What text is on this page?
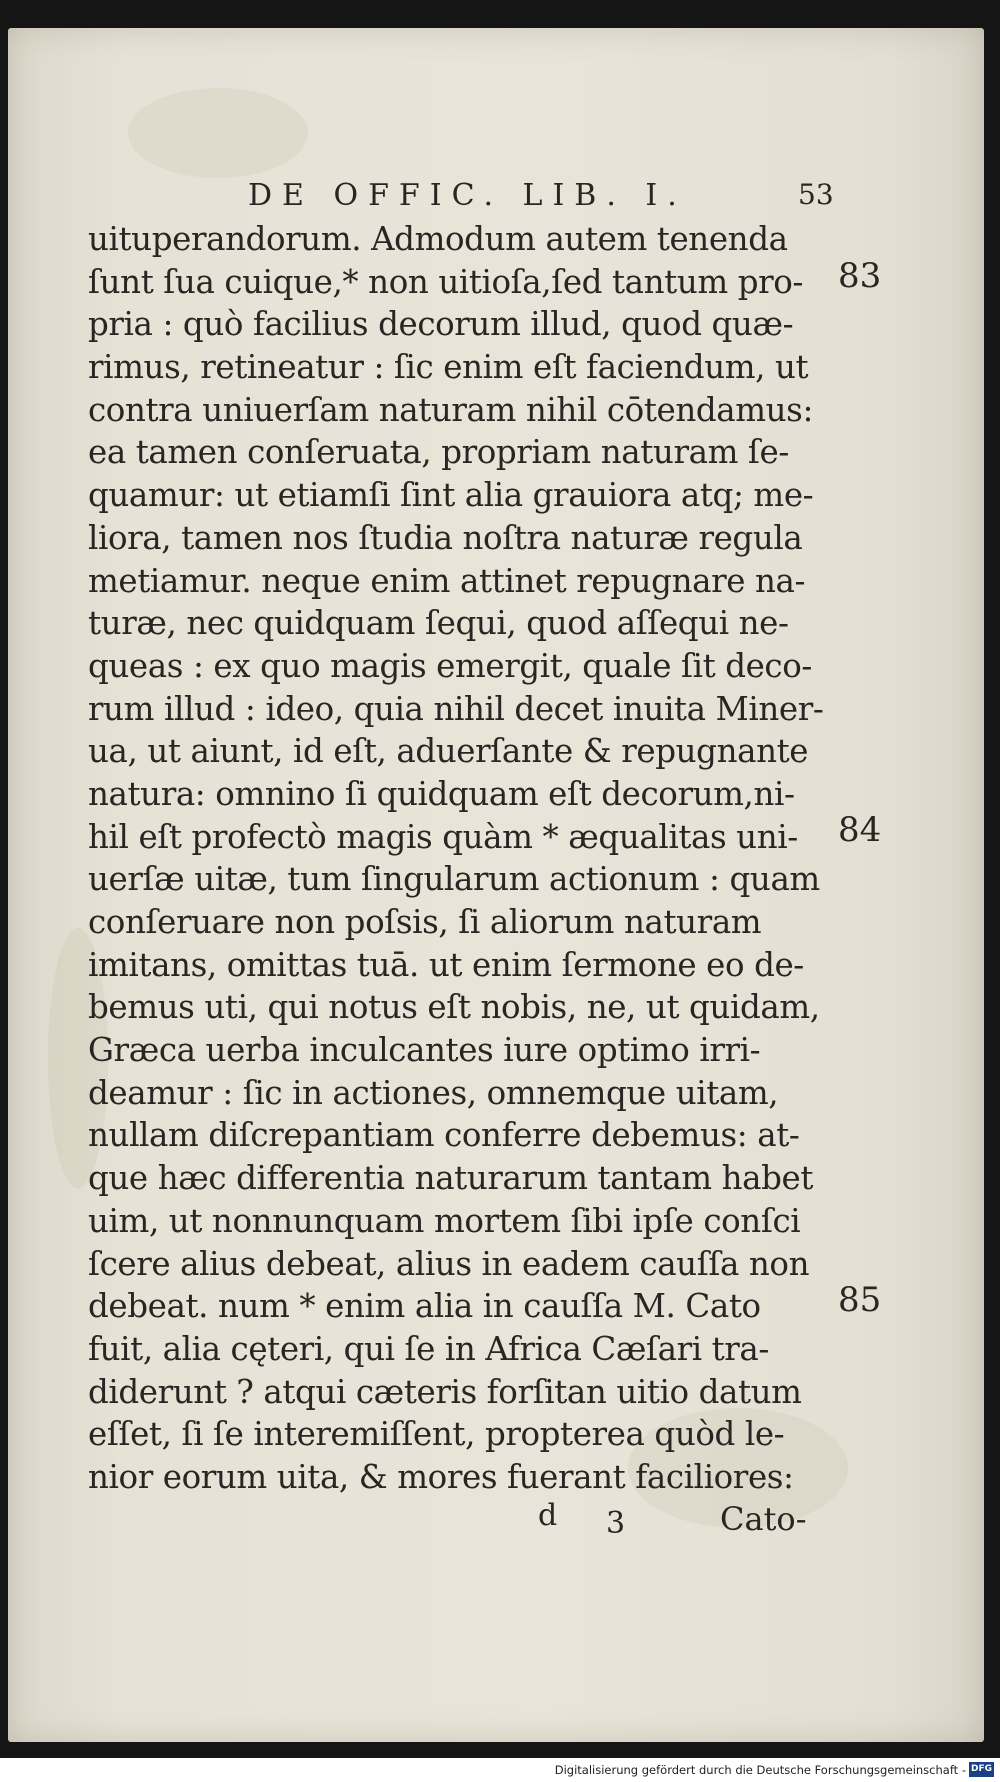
DE OFFIC. LIB. I.	53
uituperandorum. Admodum autem tenenda
ſunt ſua cuique,* non uitioſa,ſed tantum pro-
pria : quò facilius decorum illud, quod quæ-
rimus, retineatur : ſic enim eſt faciendum, ut
contra uniuerſam naturam nihil cōtendamus:
ea tamen conſeruata, propriam naturam ſe-
quamur: ut etiamſi ſint alia grauiora atq; me-
liora, tamen nos ſtudia noſtra naturæ regula
metiamur. neque enim attinet repugnare na-
turæ, nec quidquam ſequi, quod aſſequi ne-
queas : ex quo magis emergit, quale ſit deco-
rum illud : ideo, quia nihil decet inuita Miner-
ua, ut aiunt, id eſt, aduerſante & repugnante
natura: omnino ſi quidquam eſt decorum,ni-
hil eſt profectò magis quàm * æqualitas uni-
uerſæ uitæ, tum ſingularum actionum : quam
conſeruare non poſsis, ſi aliorum naturam
imitans, omittas tuā. ut enim ſermone eo de-
bemus uti, qui notus eſt nobis, ne, ut quidam,
Græca uerba inculcantes iure optimo irri-
deamur : ſic in actiones, omnemque uitam,
nullam diſcrepantiam conferre debemus: at-
que hæc differentia naturarum tantam habet
uim, ut nonnunquam mortem ſibi ipſe conſci
ſcere alius debeat, alius in eadem cauſſa non
debeat. num * enim alia in cauſſa M. Cato
fuit, alia cęteri, qui ſe in Africa Cæſari tra-
diderunt ? atqui cæteris forſitan uitio datum
eſſet, ſi ſe interemiſſent, propterea quòd le-
nior eorum uita, & mores fuerant faciliores:
83
84
85
d 3	Cato-
Digitalisierung gefördert durch die Deutsche Forschungsgemeinschaft - DFG
